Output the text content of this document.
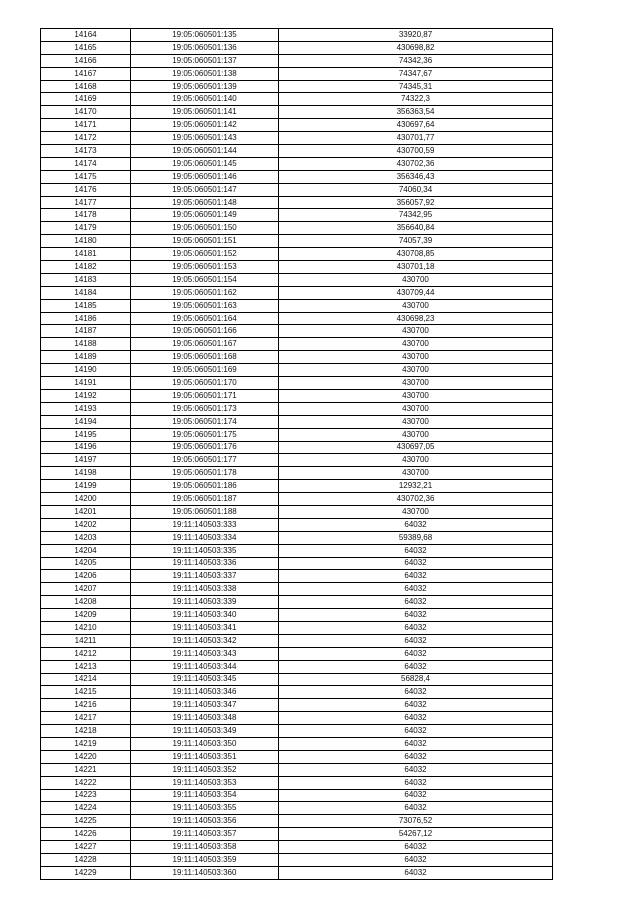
14164	19:05:060501:135	33920,87
14165	19:05:060501:136	430698,82
14166	19:05:060501:137	74342,36
14167	19:05:060501:138	74347,67
14168	19:05:060501:139	74345,31
14169	19:05:060501:140	74322,3
14170	19:05:060501:141	356363,54
14171	19:05:060501:142	430697,64
14172	19:05:060501:143	430701,77
14173	19:05:060501:144	430700,59
14174	19:05:060501:145	430702,36
14175	19:05:060501:146	356346,43
14176	19:05:060501:147	74060,34
14177	19:05:060501:148	356057,92
14178	19:05:060501:149	74342,95
14179	19:05:060501:150	356640,84
14180	19:05:060501:151	74057,39
14181	19:05:060501:152	430708,85
14182	19:05:060501:153	430701,18
14183	19:05:060501:154	430700
14184	19:05:060501:162	430709,44
14185	19:05:060501:163	430700
14186	19:05:060501:164	430698,23
14187	19:05:060501:166	430700
14188	19:05:060501:167	430700
14189	19:05:060501:168	430700
14190	19:05:060501:169	430700
14191	19:05:060501:170	430700
14192	19:05:060501:171	430700
14193	19:05:060501:173	430700
14194	19:05:060501:174	430700
14195	19:05:060501:175	430700
14196	19:05:060501:176	430697,05
14197	19:05:060501:177	430700
14198	19:05:060501:178	430700
14199	19:05:060501:186	12932,21
14200	19:05:060501:187	430702,36
14201	19:05:060501:188	430700
14202	19:11:140503:333	64032
14203	19:11:140503:334	59389,68
14204	19:11:140503:335	64032
14205	19:11:140503:336	64032
14206	19:11:140503:337	64032
14207	19:11:140503:338	64032
14208	19:11:140503:339	64032
14209	19:11:140503:340	64032
14210	19:11:140503:341	64032
14211	19:11:140503:342	64032
14212	19:11:140503:343	64032
14213	19:11:140503:344	64032
14214	19:11:140503:345	56828,4
14215	19:11:140503:346	64032
14216	19:11:140503:347	64032
14217	19:11:140503:348	64032
14218	19:11:140503:349	64032
14219	19:11:140503:350	64032
14220	19:11:140503:351	64032
14221	19:11:140503:352	64032
14222	19:11:140503:353	64032
14223	19:11:140503:354	64032
14224	19:11:140503:355	64032
14225	19:11:140503:356	73076,52
14226	19:11:140503:357	54267,12
14227	19:11:140503:358	64032
14228	19:11:140503:359	64032
14229	19:11:140503:360	64032
